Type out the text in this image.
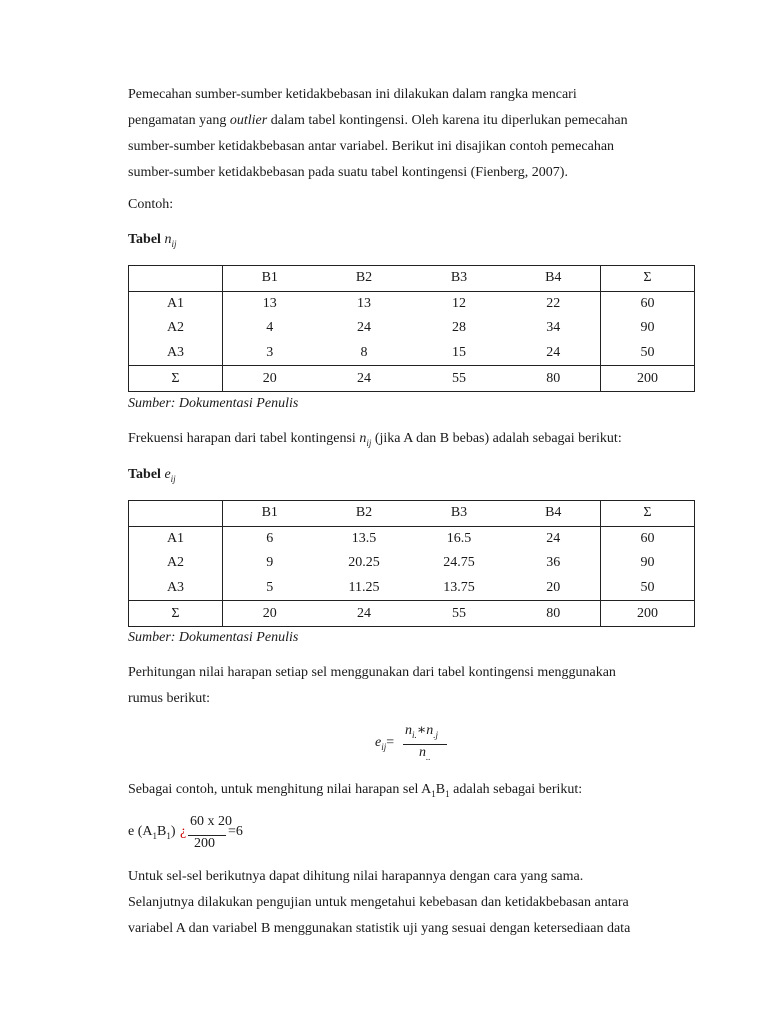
Pemecahan sumber-sumber ketidakbebasan ini dilakukan dalam rangka mencari
pengamatan yang outlier dalam tabel kontingensi. Oleh karena itu diperlukan pemecahan
sumber-sumber ketidakbebasan antar variabel. Berikut ini disajikan contoh pemecahan
sumber-sumber ketidakbebasan pada suatu tabel kontingensi (Fienberg, 2007).
Contoh:
Tabel $n_{ij}$
	B1	B2	B3	B4	Σ
A1	13	13	12	22	60
A2	4	24	28	34	90
A3	3	8	15	24	50
Σ	20	24	55	80	200
Sumber: Dokumentasi Penulis
Frekuensi harapan dari tabel kontingensi $n_{ij}$ (jika A dan B bebas) adalah sebagai berikut:
Tabel $e_{ij}$
	B1	B2	B3	B4	Σ
A1	6	13.5	16.5	24	60
A2	9	20.25	24.75	36	90
A3	5	11.25	13.75	20	50
Σ	20	24	55	80	200
Sumber: Dokumentasi Penulis
Perhitungan nilai harapan setiap sel menggunakan dari tabel kontingensi menggunakan
rumus berikut:
$e_{ij}=$
$n_{i.}∗n_{.j}$
$n_{..}$
Sebagai contoh, untuk menghitung nilai harapan sel $A_1B_1$ adalah sebagai berikut:
e $(A_1B_1)$ ¿
60 x 20
200
=6
Untuk sel-sel berikutnya dapat dihitung nilai harapannya dengan cara yang sama.
Selanjutnya dilakukan pengujian untuk mengetahui kebebasan dan ketidakbebasan antara
variabel A dan variabel B menggunakan statistik uji yang sesuai dengan ketersediaan data
